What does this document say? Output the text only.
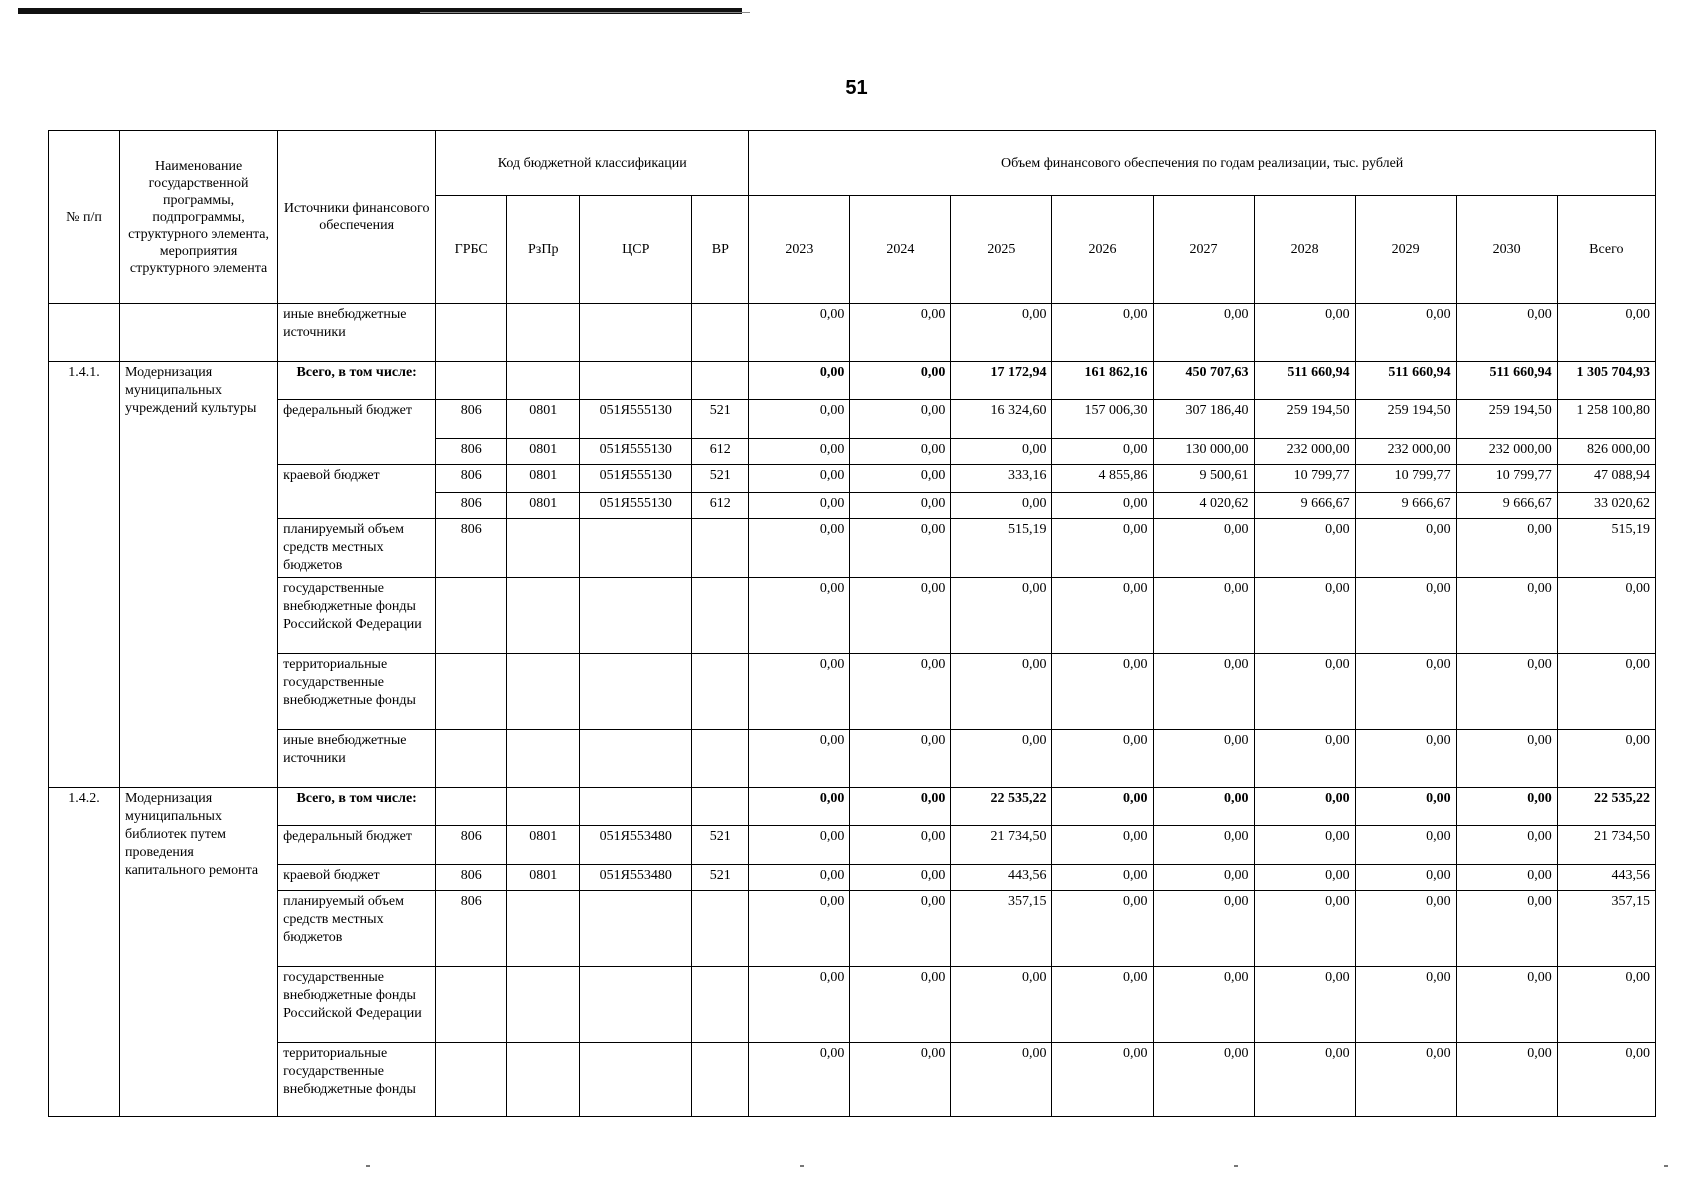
51
№ п/п	Наименование государственной программы, подпрограммы, структурного элемента, мероприятия структурного элемента	Источники финансового обеспечения	Код бюджетной классификации				Объем финансового обеспечения по годам реализации, тыс. рублей								
			ГРБС	РзПр	ЦСР	ВР	2023	2024	2025	2026	2027	2028	2029	2030	Всего
		иные внебюджетные источники					0,00	0,00	0,00	0,00	0,00	0,00	0,00	0,00	0,00
1.4.1.	Модернизация муниципальных учреждений культуры	Всего, в том числе:					0,00	0,00	17 172,94	161 862,16	450 707,63	511 660,94	511 660,94	511 660,94	1 305 704,93
		федеральный бюджет	806	0801	051Я555130	521	0,00	0,00	16 324,60	157 006,30	307 186,40	259 194,50	259 194,50	259 194,50	1 258 100,80
			806	0801	051Я555130	612	0,00	0,00	0,00	0,00	130 000,00	232 000,00	232 000,00	232 000,00	826 000,00
		краевой бюджет	806	0801	051Я555130	521	0,00	0,00	333,16	4 855,86	9 500,61	10 799,77	10 799,77	10 799,77	47 088,94
			806	0801	051Я555130	612	0,00	0,00	0,00	0,00	4 020,62	9 666,67	9 666,67	9 666,67	33 020,62
		планируемый объем средств местных бюджетов	806				0,00	0,00	515,19	0,00	0,00	0,00	0,00	0,00	515,19
		государственные внебюджетные фонды Российской Федерации					0,00	0,00	0,00	0,00	0,00	0,00	0,00	0,00	0,00
		территориальные государственные внебюджетные фонды					0,00	0,00	0,00	0,00	0,00	0,00	0,00	0,00	0,00
		иные внебюджетные источники					0,00	0,00	0,00	0,00	0,00	0,00	0,00	0,00	0,00
1.4.2.	Модернизация муниципальных библиотек путем проведения капитального ремонта	Всего, в том числе:					0,00	0,00	22 535,22	0,00	0,00	0,00	0,00	0,00	22 535,22
		федеральный бюджет	806	0801	051Я553480	521	0,00	0,00	21 734,50	0,00	0,00	0,00	0,00	0,00	21 734,50
		краевой бюджет	806	0801	051Я553480	521	0,00	0,00	443,56	0,00	0,00	0,00	0,00	0,00	443,56
		планируемый объем средств местных бюджетов	806				0,00	0,00	357,15	0,00	0,00	0,00	0,00	0,00	357,15
		государственные внебюджетные фонды Российской Федерации					0,00	0,00	0,00	0,00	0,00	0,00	0,00	0,00	0,00
		территориальные государственные внебюджетные фонды					0,00	0,00	0,00	0,00	0,00	0,00	0,00	0,00	0,00
